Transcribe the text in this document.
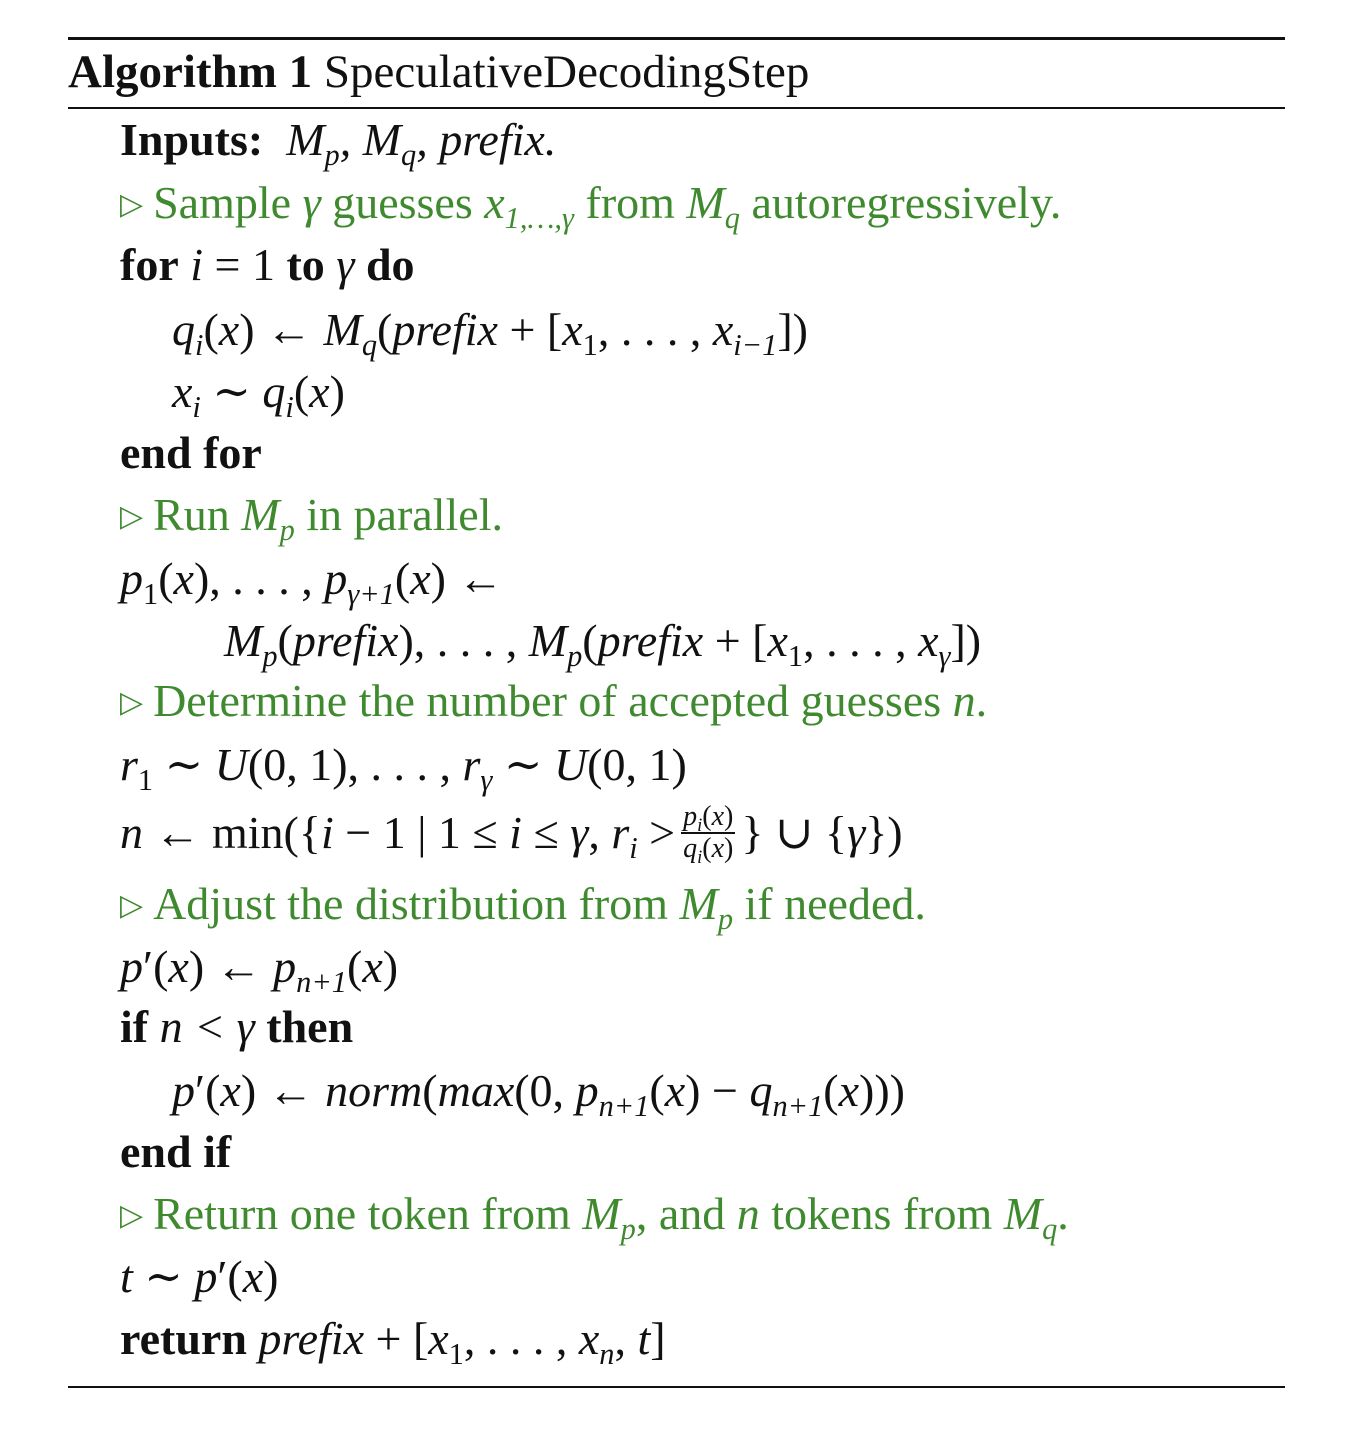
Algorithm 1 SpeculativeDecodingStep
Inputs:  $M_p$, $M_q$, prefix.
▷ Sample γ guesses $x_{1,\dots,\gamma}$ from $M_q$ autoregressively.
for i = 1 to γ do
$q_i(x)$ ← $M_q(prefix + [x_1$, . . . , $x_{i-1}$])
$x_i$ ∼ $q_i(x)$
end for
▷ Run $M_p$ in parallel.
$p_1(x)$, . . . , $p_{\gamma+1}(x)$ ←
$M_p(prefix)$, . . . , $M_p(prefix + [x_1$, . . . , $x_\gamma$])
▷ Determine the number of accepted guesses n.
$r_1$ ∼ U(0, 1), . . . , $r_\gamma$ ∼ U(0, 1)
n ← min({i − 1 | 1 ≤ i ≤ γ, $r_i > \frac{p_i(x)}{q_i(x)}$ } ∪ {γ})
▷ Adjust the distribution from $M_p$ if needed.
p′(x) ← $p_{n+1}(x)$
if n < γ then
p′(x) ← norm(max(0, $p_{n+1}(x) - q_{n+1}(x)$))
end if
▷ Return one token from $M_p$, and n tokens from $M_q$.
t ∼ p′(x)
return prefix + [$x_1$, . . . , $x_n$, t]
